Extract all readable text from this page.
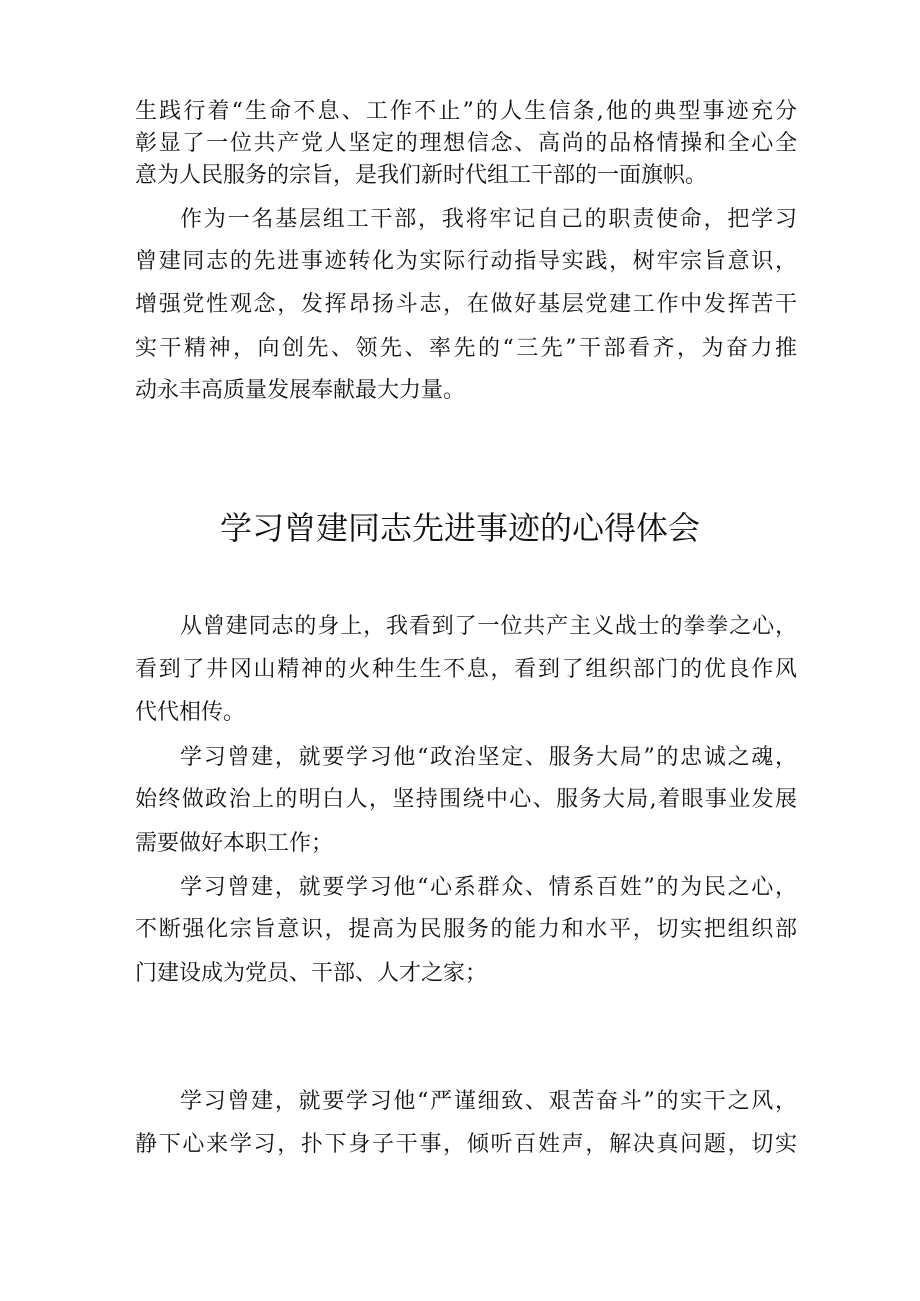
生践行着“生命不息、工作不止”的人生信条,他的典型事迹充分
彰显了一位共产党人坚定的理想信念、高尚的品格情操和全心全
意为人民服务的宗旨，是我们新时代组工干部的一面旗帜。
作为一名基层组工干部，我将牢记自己的职责使命，把学习
曾建同志的先进事迹转化为实际行动指导实践，树牢宗旨意识，
增强党性观念，发挥昂扬斗志，在做好基层党建工作中发挥苦干
实干精神，向创先、领先、率先的“三先”干部看齐，为奋力推
动永丰高质量发展奉献最大力量。
学习曾建同志先进事迹的心得体会
从曾建同志的身上，我看到了一位共产主义战士的拳拳之心，
看到了井冈山精神的火种生生不息，看到了组织部门的优良作风
代代相传。
学习曾建，就要学习他“政治坚定、服务大局”的忠诚之魂，
始终做政治上的明白人，坚持围绕中心、服务大局,着眼事业发展
需要做好本职工作；
学习曾建，就要学习他“心系群众、情系百姓”的为民之心，
不断强化宗旨意识，提高为民服务的能力和水平，切实把组织部
门建设成为党员、干部、人才之家；
学习曾建，就要学习他“严谨细致、艰苦奋斗”的实干之风，
静下心来学习，扑下身子干事，倾听百姓声，解决真问题，切实
